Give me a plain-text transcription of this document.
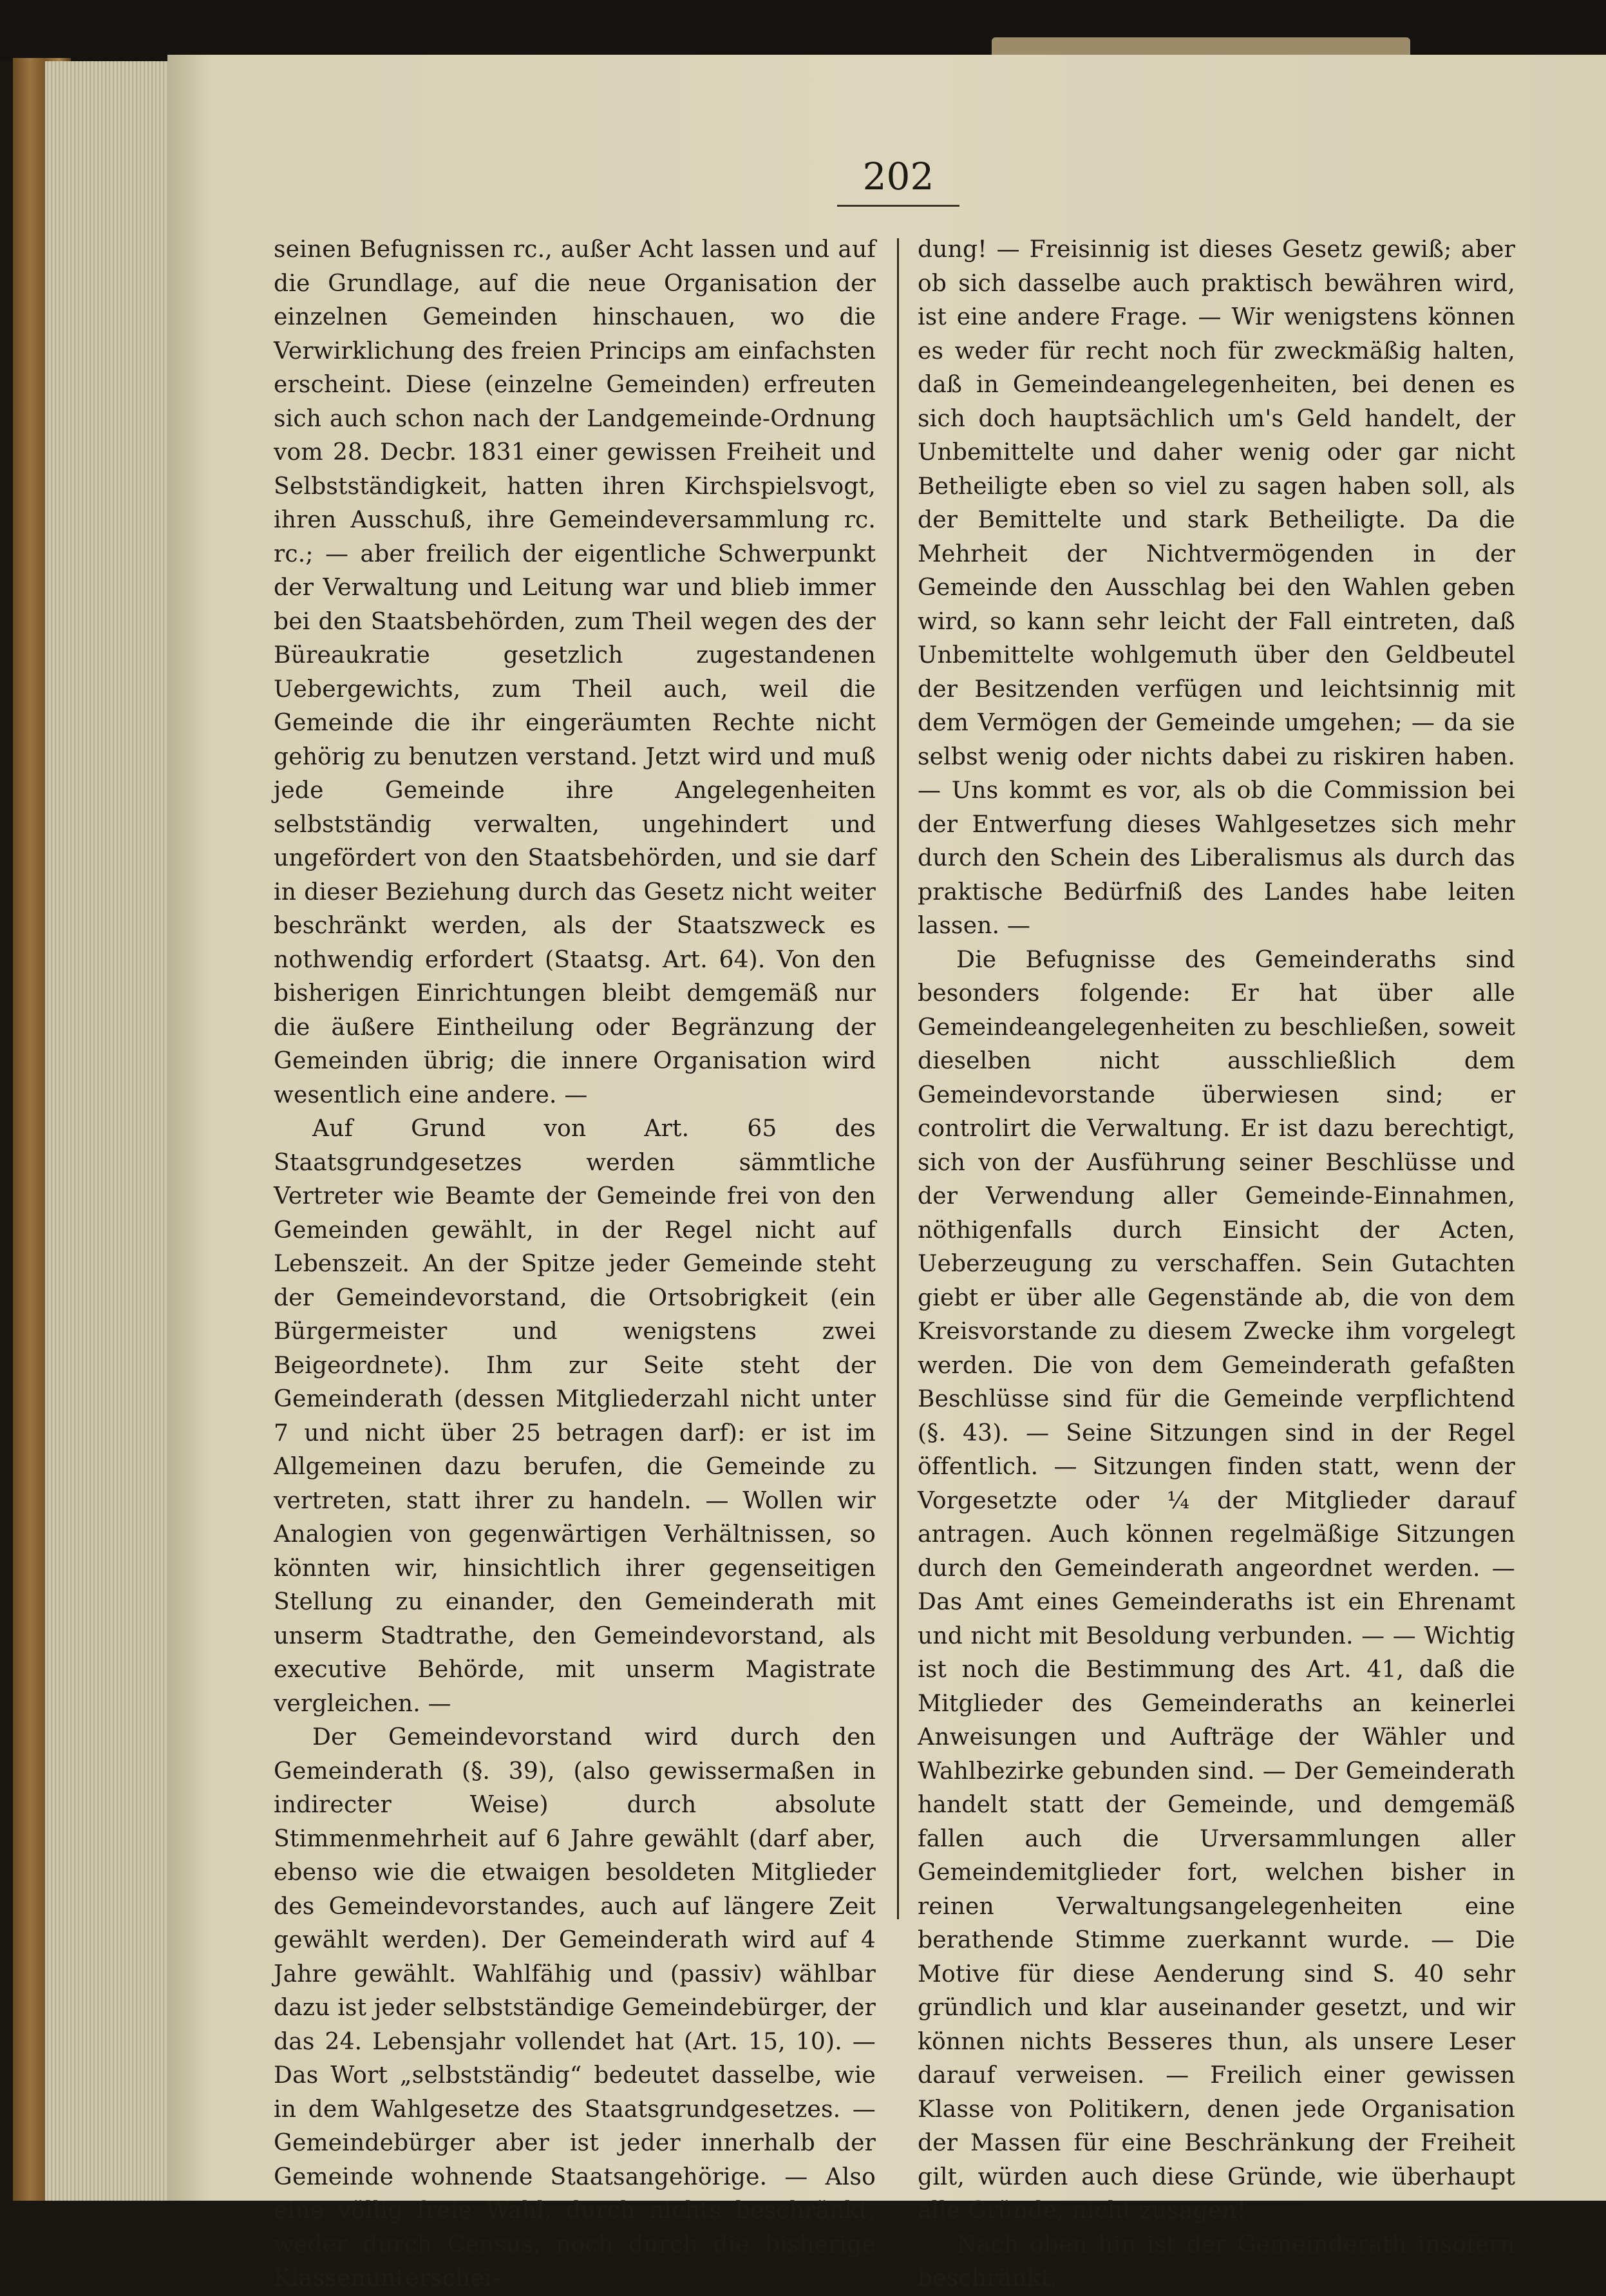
202

seinen Befugnissen rc., außer Acht lassen und auf die Grundlage, auf die neue Organisation der einzelnen Gemeinden hinschauen, wo die Verwirklichung des freien Princips am einfachsten erscheint. Diese (einzelne Gemeinden) erfreuten sich auch schon nach der Landgemeinde-Ordnung vom 28. Decbr. 1831 einer gewissen Freiheit und Selbstständigkeit, hatten ihren Kirchspielsvogt, ihren Ausschuß, ihre Gemeindeversammlung rc. rc.; — aber freilich der eigentliche Schwerpunkt der Verwaltung und Leitung war und blieb immer bei den Staatsbehörden, zum Theil wegen des der Büreaukratie gesetzlich zugestandenen Uebergewichts, zum Theil auch, weil die Gemeinde die ihr eingeräumten Rechte nicht gehörig zu benutzen verstand. Jetzt wird und muß jede Gemeinde ihre Angelegenheiten selbstständig verwalten, ungehindert und ungefördert von den Staatsbehörden, und sie darf in dieser Beziehung durch das Gesetz nicht weiter beschränkt werden, als der Staatszweck es nothwendig erfordert (Staatsg. Art. 64). Von den bisherigen Einrichtungen bleibt demgemäß nur die äußere Eintheilung oder Begränzung der Gemeinden übrig; die innere Organisation wird wesentlich eine andere. —

Auf Grund von Art. 65 des Staatsgrundgesetzes werden sämmtliche Vertreter wie Beamte der Gemeinde frei von den Gemeinden gewählt, in der Regel nicht auf Lebenszeit. An der Spitze jeder Gemeinde steht der Gemeindevorstand, die Ortsobrigkeit (ein Bürgermeister und wenigstens zwei Beigeordnete). Ihm zur Seite steht der Gemeinderath (dessen Mitgliederzahl nicht unter 7 und nicht über 25 betragen darf): er ist im Allgemeinen dazu berufen, die Gemeinde zu vertreten, statt ihrer zu handeln. — Wollen wir Analogien von gegenwärtigen Verhältnissen, so könnten wir, hinsichtlich ihrer gegenseitigen Stellung zu einander, den Gemeinderath mit unserm Stadtrathe, den Gemeindevorstand, als executive Behörde, mit unserm Magistrate vergleichen. —

Der Gemeindevorstand wird durch den Gemeinderath (§. 39), (also gewissermaßen in indirecter Weise) durch absolute Stimmenmehrheit auf 6 Jahre gewählt (darf aber, ebenso wie die etwaigen besoldeten Mitglieder des Gemeindevorstandes, auch auf längere Zeit gewählt werden). Der Gemeinderath wird auf 4 Jahre gewählt. Wahlfähig und (passiv) wählbar dazu ist jeder selbstständige Gemeindebürger, der das 24. Lebensjahr vollendet hat (Art. 15, 10). — Das Wort „selbstständig“ bedeutet dasselbe, wie in dem Wahlgesetze des Staatsgrundgesetzes. — Gemeindebürger aber ist jeder innerhalb der Gemeinde wohnende Staatsangehörige. — Also eine völlig freie Wahl, durch nichts beschränkt, weder durch Census, noch durch die bisherige Klassenunterschei-

dung! — Freisinnig ist dieses Gesetz gewiß; aber ob sich dasselbe auch praktisch bewähren wird, ist eine andere Frage. — Wir wenigstens können es weder für recht noch für zweckmäßig halten, daß in Gemeindeangelegenheiten, bei denen es sich doch hauptsächlich um's Geld handelt, der Unbemittelte und daher wenig oder gar nicht Betheiligte eben so viel zu sagen haben soll, als der Bemittelte und stark Betheiligte. Da die Mehrheit der Nichtvermögenden in der Gemeinde den Ausschlag bei den Wahlen geben wird, so kann sehr leicht der Fall eintreten, daß Unbemittelte wohlgemuth über den Geldbeutel der Besitzenden verfügen und leichtsinnig mit dem Vermögen der Gemeinde umgehen; — da sie selbst wenig oder nichts dabei zu riskiren haben. — Uns kommt es vor, als ob die Commission bei der Entwerfung dieses Wahlgesetzes sich mehr durch den Schein des Liberalismus als durch das praktische Bedürfniß des Landes habe leiten lassen. —

Die Befugnisse des Gemeinderaths sind besonders folgende: Er hat über alle Gemeindeangelegenheiten zu beschließen, soweit dieselben nicht ausschließlich dem Gemeindevorstande überwiesen sind; er controlirt die Verwaltung. Er ist dazu berechtigt, sich von der Ausführung seiner Beschlüsse und der Verwendung aller Gemeinde-Einnahmen, nöthigenfalls durch Einsicht der Acten, Ueberzeugung zu verschaffen. Sein Gutachten giebt er über alle Gegenstände ab, die von dem Kreisvorstande zu diesem Zwecke ihm vorgelegt werden. Die von dem Gemeinderath gefaßten Beschlüsse sind für die Gemeinde verpflichtend (§. 43). — Seine Sitzungen sind in der Regel öffentlich. — Sitzungen finden statt, wenn der Vorgesetzte oder ¼ der Mitglieder darauf antragen. Auch können regelmäßige Sitzungen durch den Gemeinderath angeordnet werden. — Das Amt eines Gemeinderaths ist ein Ehrenamt und nicht mit Besoldung verbunden. — — Wichtig ist noch die Bestimmung des Art. 41, daß die Mitglieder des Gemeinderaths an keinerlei Anweisungen und Aufträge der Wähler und Wahlbezirke gebunden sind. — Der Gemeinderath handelt statt der Gemeinde, und demgemäß fallen auch die Urversammlungen aller Gemeindemitglieder fort, welchen bisher in reinen Verwaltungsangelegenheiten eine berathende Stimme zuerkannt wurde. — Die Motive für diese Aenderung sind S. 40 sehr gründlich und klar auseinander gesetzt, und wir können nichts Besseres thun, als unsere Leser darauf verweisen. — Freilich einer gewissen Klasse von Politikern, denen jede Organisation der Massen für eine Beschränkung der Freiheit gilt, würden auch diese Gründe, wie überhaupt alle Gründe, nicht zusagen!

Nach oben hin ist der Gemeinderath insofern beschränkt,
